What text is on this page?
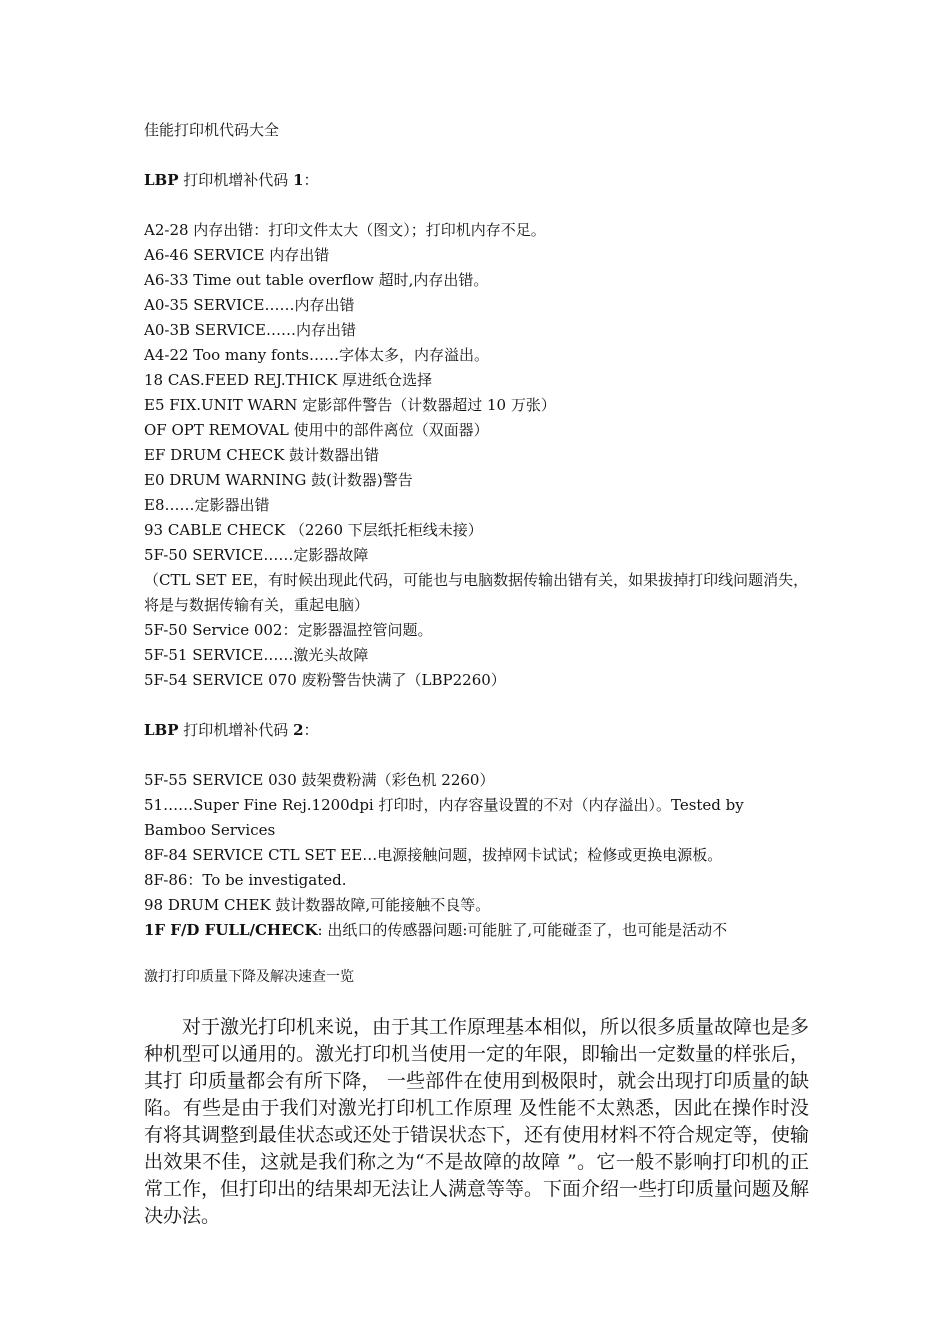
佳能打印机代码大全

LBP 打印机增补代码 1：

A2-28 内存出错：打印文件太大（图文）；打印机内存不足。

A6-46 SERVICE 内存出错

A6-33 Time out table overflow 超时,内存出错。

A0-35 SERVICE……内存出错

A0-3B SERVICE……内存出错

A4-22 Too many fonts……字体太多，内存溢出。

18 CAS.FEED REJ.THICK 厚进纸仓选择

E5 FIX.UNIT WARN 定影部件警告（计数器超过 10 万张）

OF OPT REMOVAL 使用中的部件离位（双面器）

EF DRUM CHECK 鼓计数器出错

E0 DRUM WARNING 鼓(计数器)警告

E8……定影器出错

93 CABLE CHECK （2260 下层纸托柜线未接）

5F-50 SERVICE……定影器故障

（CTL SET EE，有时候出现此代码，可能也与电脑数据传输出错有关，如果拔掉打印线问题消失，将是与数据传输有关，重起电脑）

5F-50 Service 002：定影器温控管问题。

5F-51 SERVICE……激光头故障

5F-54 SERVICE 070 废粉警告快满了（LBP2260）

LBP 打印机增补代码 2：

5F-55 SERVICE 030 鼓架费粉满（彩色机 2260）

51……Super Fine Rej.1200dpi 打印时，内存容量设置的不对（内存溢出）。Tested by Bamboo Services

8F-84 SERVICE CTL SET EE…电源接触问题，拔掉网卡试试；检修或更换电源板。

8F-86：To be investigated.

98 DRUM CHEK 鼓计数器故障,可能接触不良等。

1F F/D FULL/CHECK: 出纸口的传感器问题:可能脏了,可能碰歪了，也可能是活动不

激打打印质量下降及解决速查一览

对于激光打印机来说，由于其工作原理基本相似，所以很多质量故障也是多种机型可以通用的。激光打印机当使用一定的年限，即输出一定数量的样张后，其打 印质量都会有所下降， 一些部件在使用到极限时，就会出现打印质量的缺陷。有些是由于我们对激光打印机工作原理 及性能不太熟悉，因此在操作时没有将其调整到最佳状态或还处于错误状态下，还有使用材料不符合规定等，使输出效果不佳，这就是我们称之为“不是故障的故障 ”。它一般不影响打印机的正常工作，但打印出的结果却无法让人满意等等。下面介绍一些打印质量问题及解决办法。
